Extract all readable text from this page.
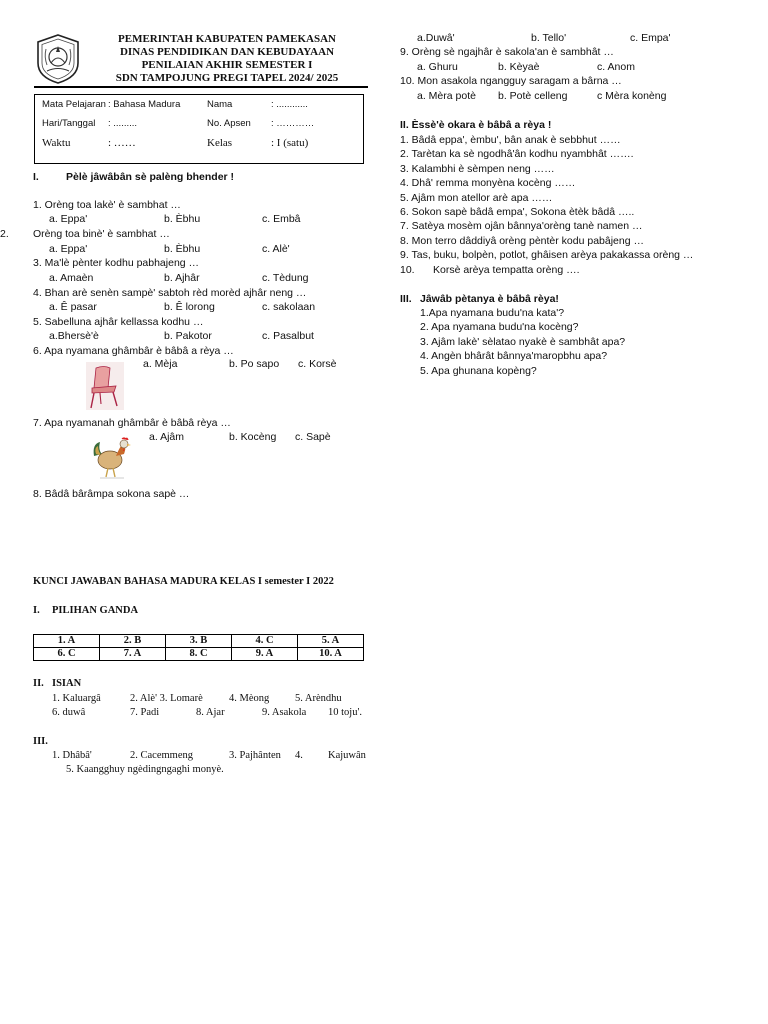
PEMERINTAH KABUPATEN PAMEKASAN
DINAS PENDIDIKAN DAN KEBUDAYAAN
PENILAIAN AKHIR SEMESTER I
SDN TAMPOJUNG PREGI TAPEL 2024/ 2025
Mata Pelajaran : Bahasa Madura	Nama	: ............
Hari/Tanggal : .........	No. Apsen : …………
Waktu	: ……	Kelas	: I (satu)
I.	Pèlè jâwâbân sè palèng bhender !
1. Orèng toa lakè' è sambhat …
a. Eppa'	b. Èbhu	c. Embâ
2. Orèng toa binè' è sambhat …
a. Eppa'	b. Èbhu	c. Alè'
3. Ma'lè pènter kodhu pabhajeng …
a. Amaèn	b. Ajhâr	c. Tèdung
4. Bhan arè senèn sampè' sabtoh rèd morèd ajhâr neng …
a. Ê pasar	b. Ê lorong	c. sakolaan
5. Sabelluna ajhâr kellassa kodhu …
a.Bhersè'è	b. Pakotor	c. Pasalbut
6. Apa nyamana ghâmbâr è bâbâ a rèya …
a. Mèja	b. Po sapo c. Korsè
7. Apa nyamanah ghâmbâr è bâbâ rèya …
a. Ajâm	b. Kocèng c. Sapè
8. Bâdâ bârâmpa sokona sapè …
a.Duwâ'	b. Tello'	c. Empa'
9. Orèng sè ngajhâr è sakola'an è sambhât …
a. Ghuru	b. Kèyaè	c. Anom
10. Mon asakola ngangguy saragam a bârna …
a. Mèra potè b. Potè celleng	c Mèra konèng
II. Èssè'è okara è bâbâ a rèya !
1. Bâdâ eppa', èmbu', bân anak è sebbhut ……
2. Tarètan ka sè ngodhâ'ân kodhu nyambhât …….
3. Kalambhi è sèmpen neng ……
4. Dhâ' remma monyèna kocèng ……
5. Ajâm mon atellor arè apa ……
6. Sokon sapè bâdâ empa', Sokona ètèk bâdâ …..
7. Satèya mosèm ojân bânnya'orèng tanè namen …
8. Mon terro dâddiyâ orèng pèntèr kodu pabâjeng …
9. Tas, buku, bolpèn, potlot, ghâisen arèya pakakassa orèng …
10. Korsè arèya tempatta orèng ….
III. Jâwâb pètanya è bâbâ rèya!
1.Apa nyamana budu'na kata'?
2. Apa nyamana budu'na kocèng?
3. Ajâm lakè' sèlatao nyakè è sambhât apa?
4. Angèn bhârât bânnya'maropbhu apa?
5. Apa ghunana kopèng?
KUNCI JAWABAN BAHASA MADURA KELAS I semester I 2022
I. PILIHAN GANDA
1. A	2. B	3. B	4. C	5. A
6. C	7. A	8. C	9. A	10. A
II. ISIAN
1. Kaluargâ	2. Alè' 3. Lomarè	4. Mèong 5. Arèndhu
6. duwâ	7. Padi	8. Ajar	9. Asakola 10 toju'.
III.
1. Dhâbâ'	2. Cacemmeng	3. Pajhânten 4. Kajuwân
5. Kaangghuy ngèdingngaghi monyè.
